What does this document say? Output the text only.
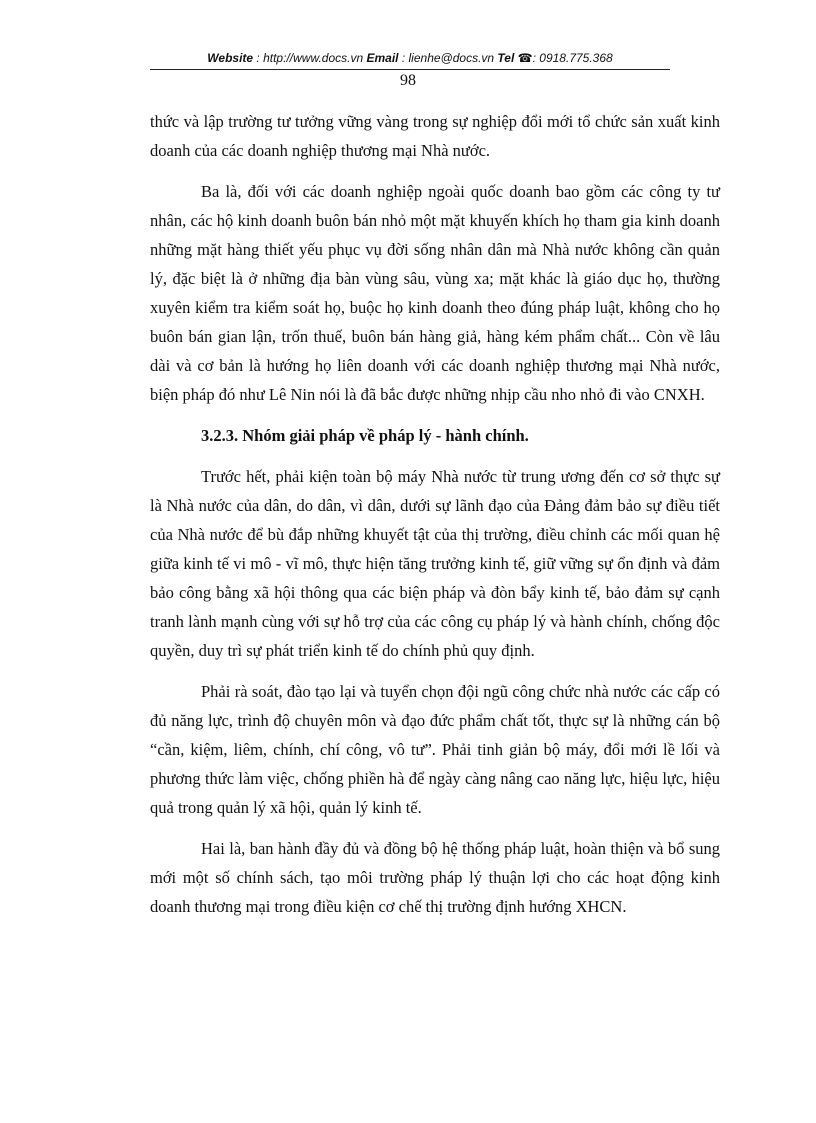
Website : http://www.docs.vn Email : lienhe@docs.vn Tel ☎: 0918.775.368
98

thức và lập trường tư tưởng vững vàng trong sự nghiệp đổi mới tổ chức sản xuất kinh doanh của các doanh nghiệp thương mại Nhà nước.

Ba là, đối với các doanh nghiệp ngoài quốc doanh bao gồm các công ty tư nhân, các hộ kinh doanh buôn bán nhỏ một mặt khuyến khích họ tham gia kinh doanh những mặt hàng thiết yếu phục vụ đời sống nhân dân mà Nhà nước không cần quản lý, đặc biệt là ở những địa bàn vùng sâu, vùng xa; mặt khác là giáo dục họ, thường xuyên kiểm tra kiểm soát họ, buộc họ kinh doanh theo đúng pháp luật, không cho họ buôn bán gian lận, trốn thuế, buôn bán hàng giả, hàng kém phẩm chất... Còn về lâu dài và cơ bản là hướng họ liên doanh với các doanh nghiệp thương mại Nhà nước, biện pháp đó như Lê Nin nói là đã bắc được những nhịp cầu nho nhỏ đi vào CNXH.

3.2.3. Nhóm giải pháp về pháp lý - hành chính.

Trước hết, phải kiện toàn bộ máy Nhà nước từ trung ương đến cơ sở thực sự là Nhà nước của dân, do dân, vì dân, dưới sự lãnh đạo của Đảng đảm bảo sự điều tiết của Nhà nước để bù đắp những khuyết tật của thị trường, điều chỉnh các mối quan hệ giữa kinh tế vi mô - vĩ mô, thực hiện tăng trưởng kinh tế, giữ vững sự ổn định và đảm bảo công bằng xã hội thông qua các biện pháp và đòn bẩy kinh tế, bảo đảm sự cạnh tranh lành mạnh cùng với sự hỗ trợ của các công cụ pháp lý và hành chính, chống độc quyền, duy trì sự phát triển kinh tế do chính phủ quy định.

Phải rà soát, đào tạo lại và tuyển chọn đội ngũ công chức nhà nước các cấp có đủ năng lực, trình độ chuyên môn và đạo đức phẩm chất tốt, thực sự là những cán bộ “cần, kiệm, liêm, chính, chí công, vô tư”. Phải tinh giản bộ máy, đổi mới lề lối và phương thức làm việc, chống phiền hà để ngày càng nâng cao năng lực, hiệu lực, hiệu quả trong quản lý xã hội, quản lý kinh tế.

Hai là, ban hành đầy đủ và đồng bộ hệ thống pháp luật, hoàn thiện và bổ sung mới một số chính sách, tạo môi trường pháp lý thuận lợi cho các hoạt động kinh doanh thương mại trong điều kiện cơ chế thị trường định hướng XHCN.
